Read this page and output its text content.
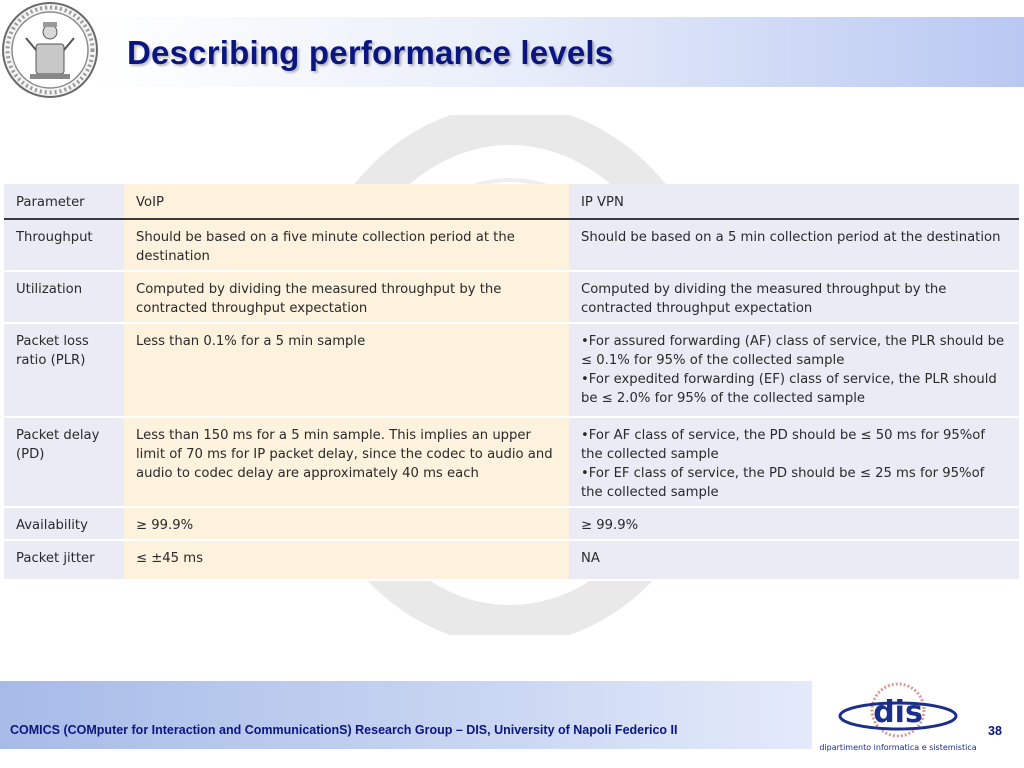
Describing performance levels
Parameter	VoIP	IP VPN
Throughput	Should be based on a five minute collection period at the destination	Should be based on a 5 min collection period at the destination

Utilization	Computed by dividing the measured throughput by the contracted throughput expectation	Computed by dividing the measured throughput by the contracted throughput expectation

Packet loss ratio (PLR)	Less than 0.1% for a 5 min sample	•For assured forwarding (AF) class of service, the PLR should be ≤ 0.1% for 95% of the collected sample
•For expedited forwarding (EF) class of service, the PLR should be ≤ 2.0% for 95% of the collected sample

Packet delay (PD)	Less than 150 ms for a 5 min sample. This implies an upper limit of 70 ms for IP packet delay, since the codec to audio and audio to codec delay are approximately 40 ms each	•For AF class of service, the PD should be ≤ 50 ms for 95%of the collected sample
•For EF class of service, the PD should be ≤ 25 ms for 95%of the collected sample

Availability	≥ 99.9%	≥ 99.9%

Packet jitter	≤ ±45 ms	NA
COMICS (COMputer for Interaction and CommunicationS) Research Group – DIS, University of Napoli Federico II	dis
dipartimento informatica e sistemistica
38
